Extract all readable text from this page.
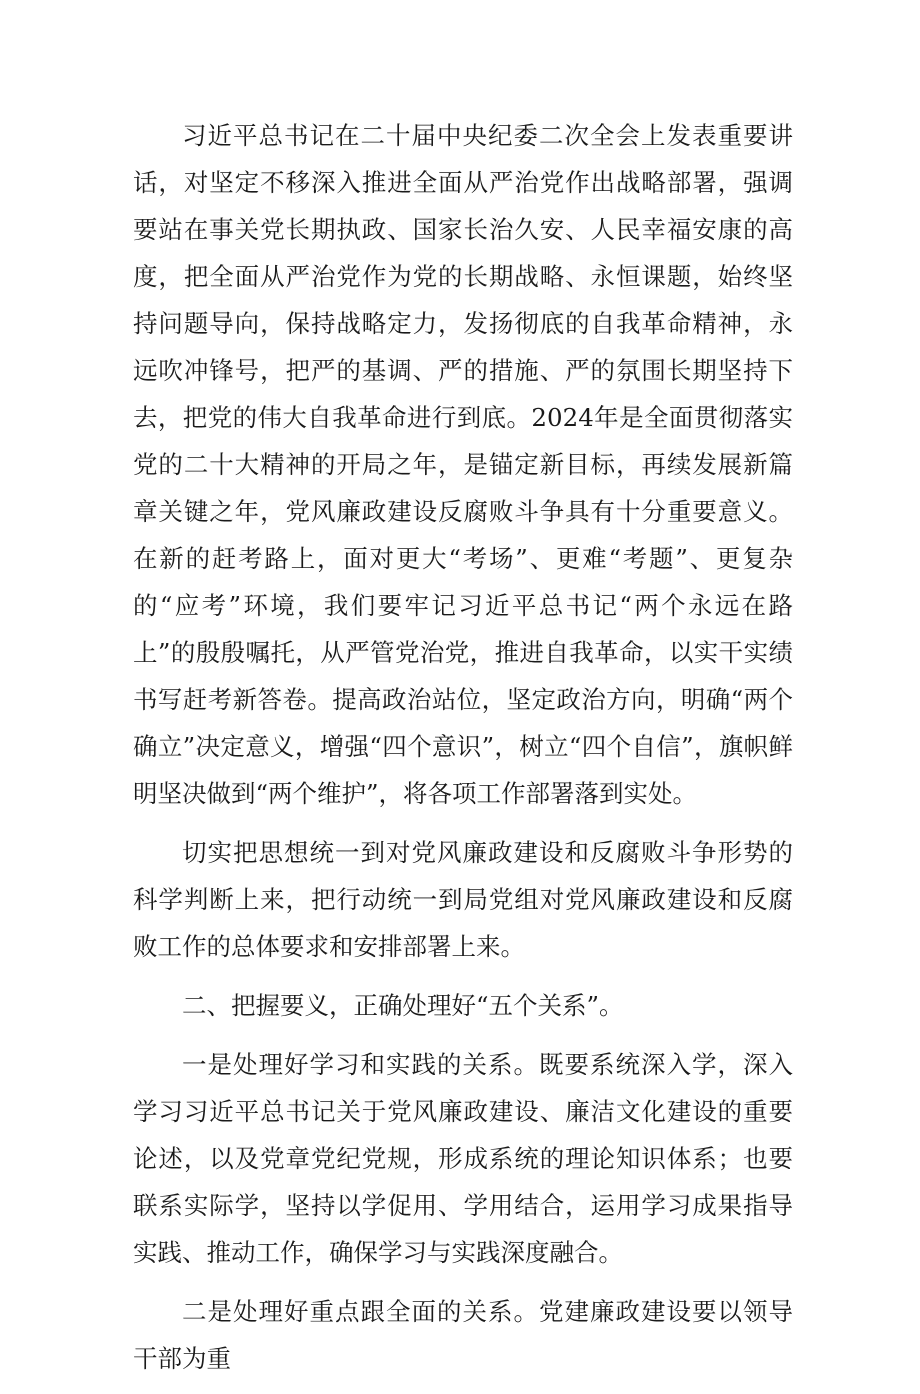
习近平总书记在二十届中央纪委二次全会上发表重要讲话，对坚定不移深入推进全面从严治党作出战略部署，强调要站在事关党长期执政、国家长治久安、人民幸福安康的高度，把全面从严治党作为党的长期战略、永恒课题，始终坚持问题导向，保持战略定力，发扬彻底的自我革命精神，永远吹冲锋号，把严的基调、严的措施、严的氛围长期坚持下去，把党的伟大自我革命进行到底。2024年是全面贯彻落实党的二十大精神的开局之年，是锚定新目标，再续发展新篇章关键之年，党风廉政建设反腐败斗争具有十分重要意义。在新的赶考路上，面对更大“考场”、更难“考题”、更复杂的“应考”环境，我们要牢记习近平总书记“两个永远在路上”的殷殷嘱托，从严管党治党，推进自我革命，以实干实绩书写赶考新答卷。提高政治站位，坚定政治方向，明确“两个确立”决定意义，增强“四个意识”，树立“四个自信”，旗帜鲜明坚决做到“两个维护”，将各项工作部署落到实处。

切实把思想统一到对党风廉政建设和反腐败斗争形势的科学判断上来，把行动统一到局党组对党风廉政建设和反腐败工作的总体要求和安排部署上来。

二、把握要义，正确处理好“五个关系”。

一是处理好学习和实践的关系。既要系统深入学，深入学习习近平总书记关于党风廉政建设、廉洁文化建设的重要论述，以及党章党纪党规，形成系统的理论知识体系；也要联系实际学，坚持以学促用、学用结合，运用学习成果指导实践、推动工作，确保学习与实践深度融合。

二是处理好重点跟全面的关系。党建廉政建设要以领导干部为重
